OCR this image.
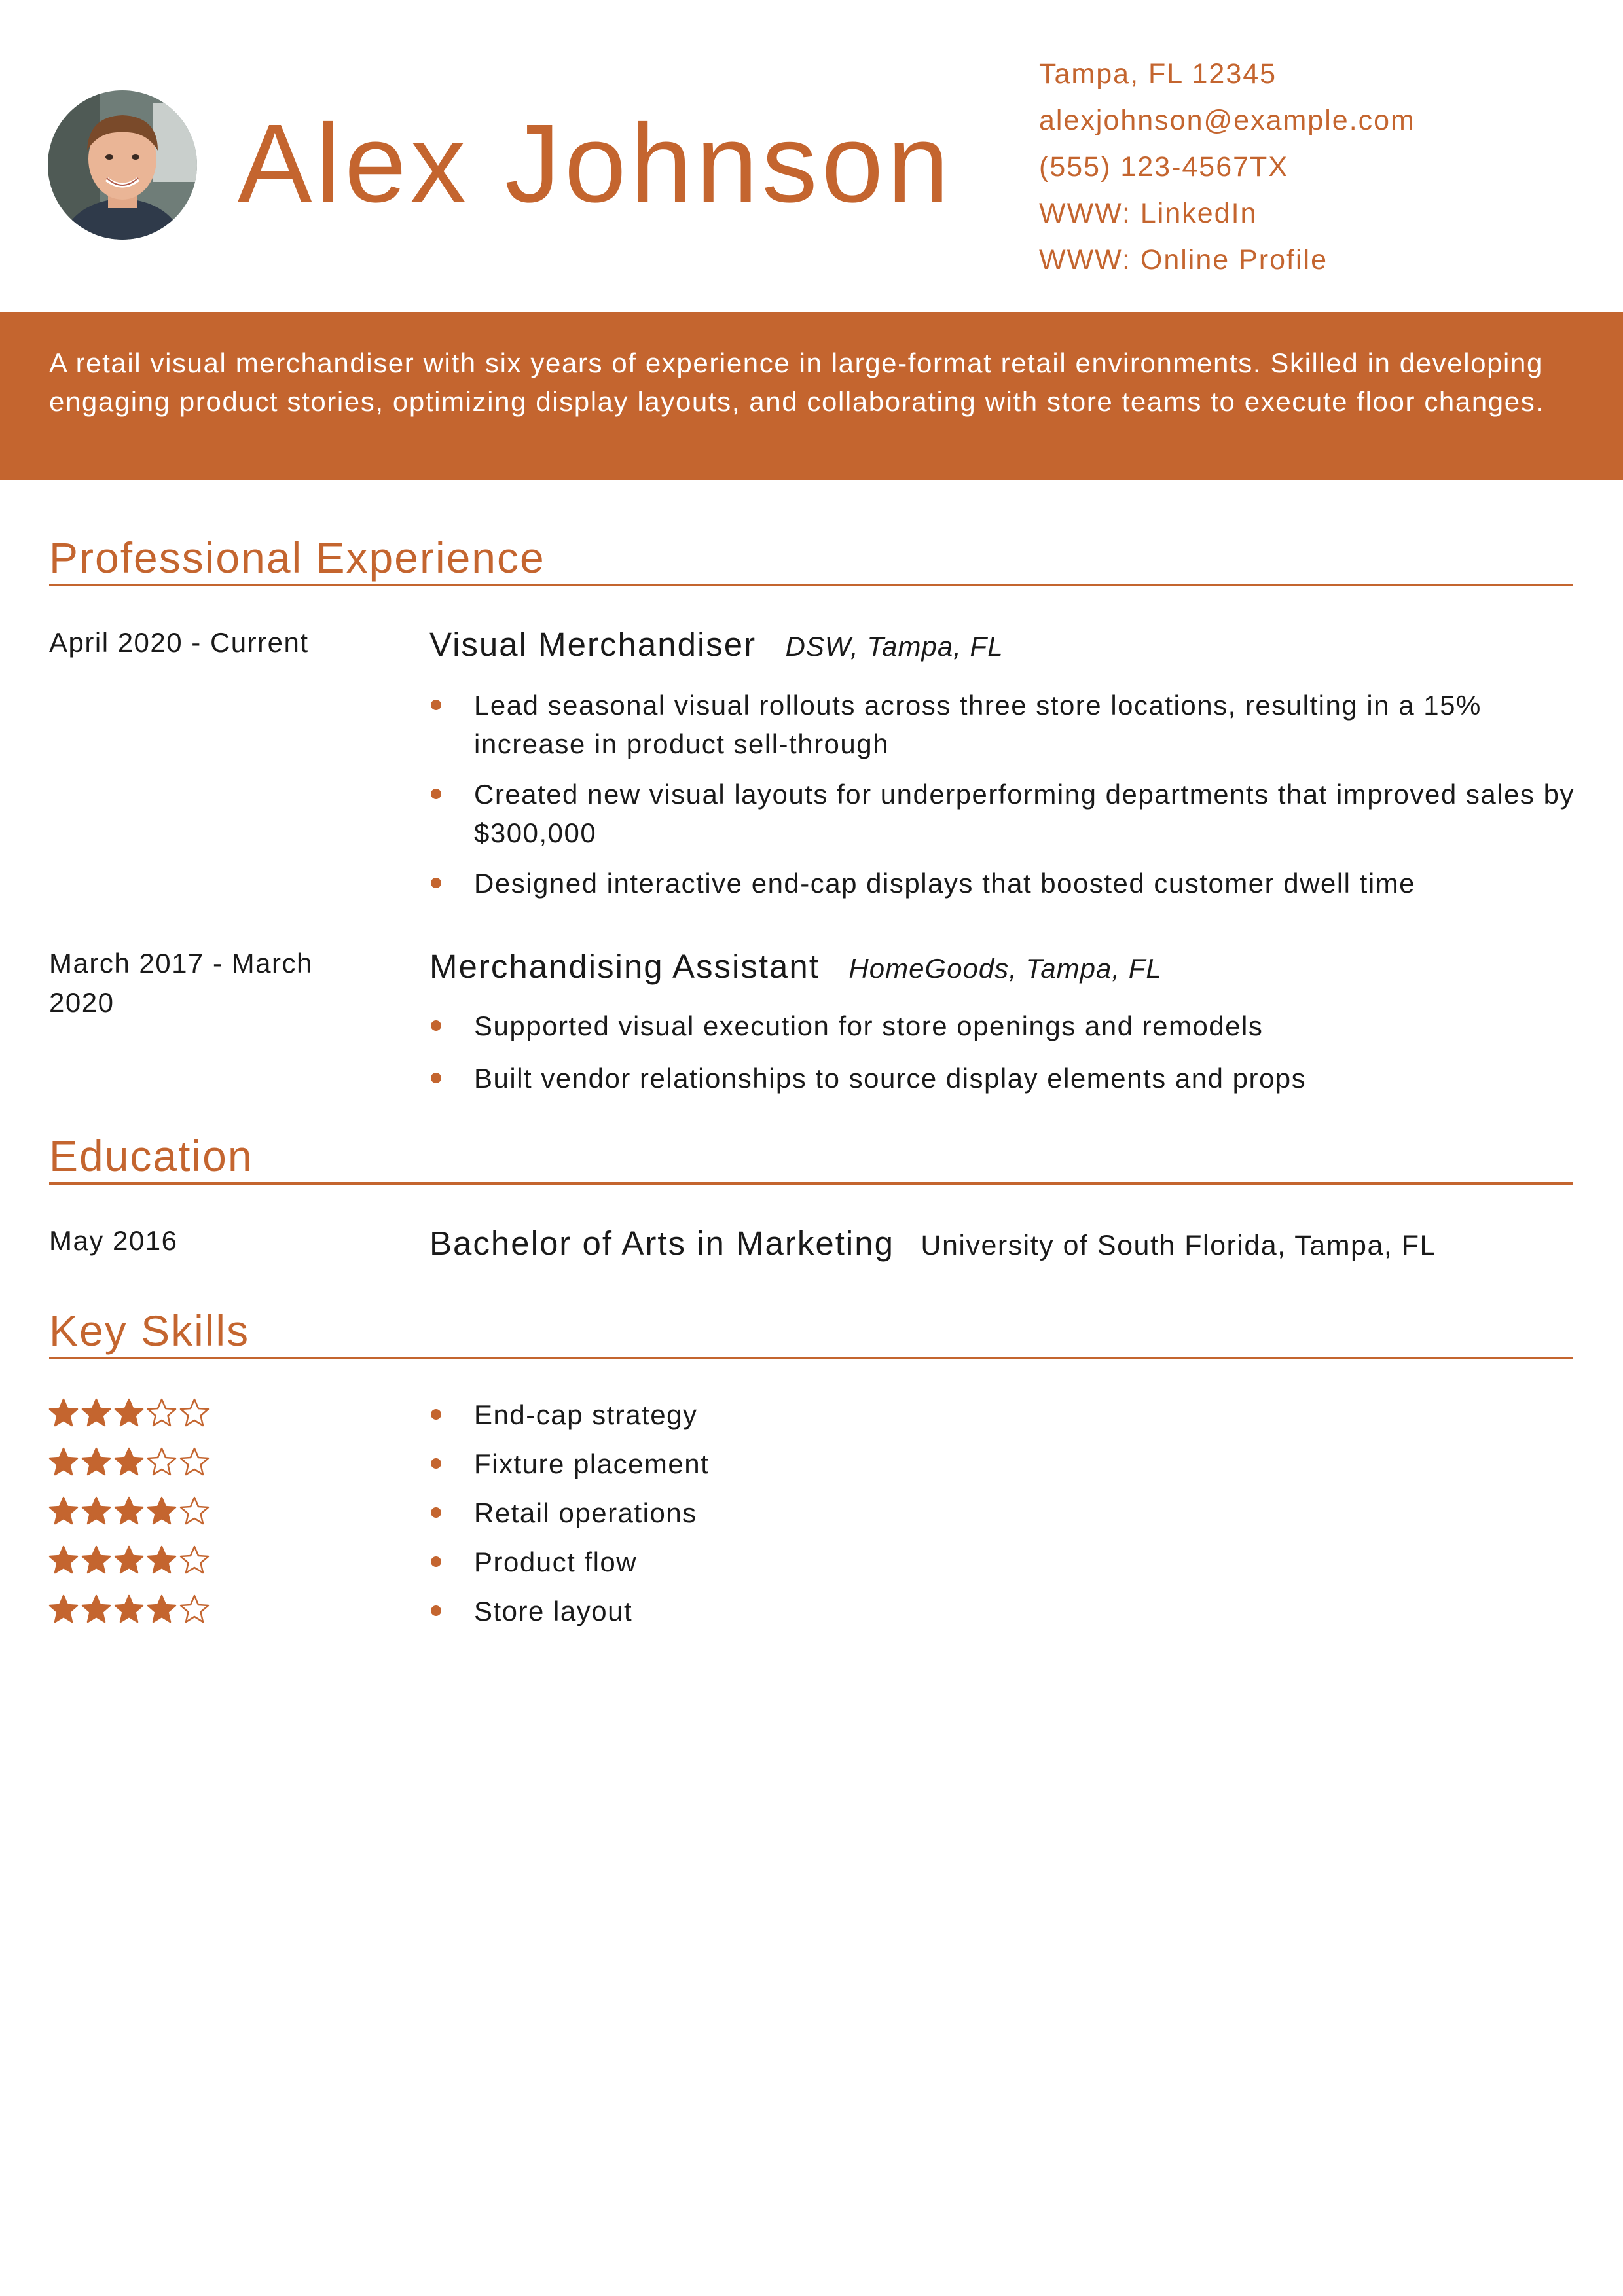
Alex Johnson
Tampa, FL 12345
alexjohnson@example.com
(555) 123-4567TX
WWW: LinkedIn
WWW: Online Profile
A retail visual merchandiser with six years of experience in large-format retail environments. Skilled in developing engaging product stories, optimizing display layouts, and collaborating with store teams to execute floor changes.
Professional Experience
April 2020 - Current	Visual Merchandiser DSW, Tampa, FL
Lead seasonal visual rollouts across three store locations, resulting in a 15% increase in product sell-through
Created new visual layouts for underperforming departments that improved sales by $300,000
Designed interactive end-cap displays that boosted customer dwell time
March 2017 - March 2020
Merchandising Assistant HomeGoods, Tampa, FL
Supported visual execution for store openings and remodels
Built vendor relationships to source display elements and props
Education
May 2016	Bachelor of Arts in Marketing University of South Florida, Tampa, FL
Key Skills
End-cap strategy
Fixture placement
Retail operations
Product flow
Store layout
